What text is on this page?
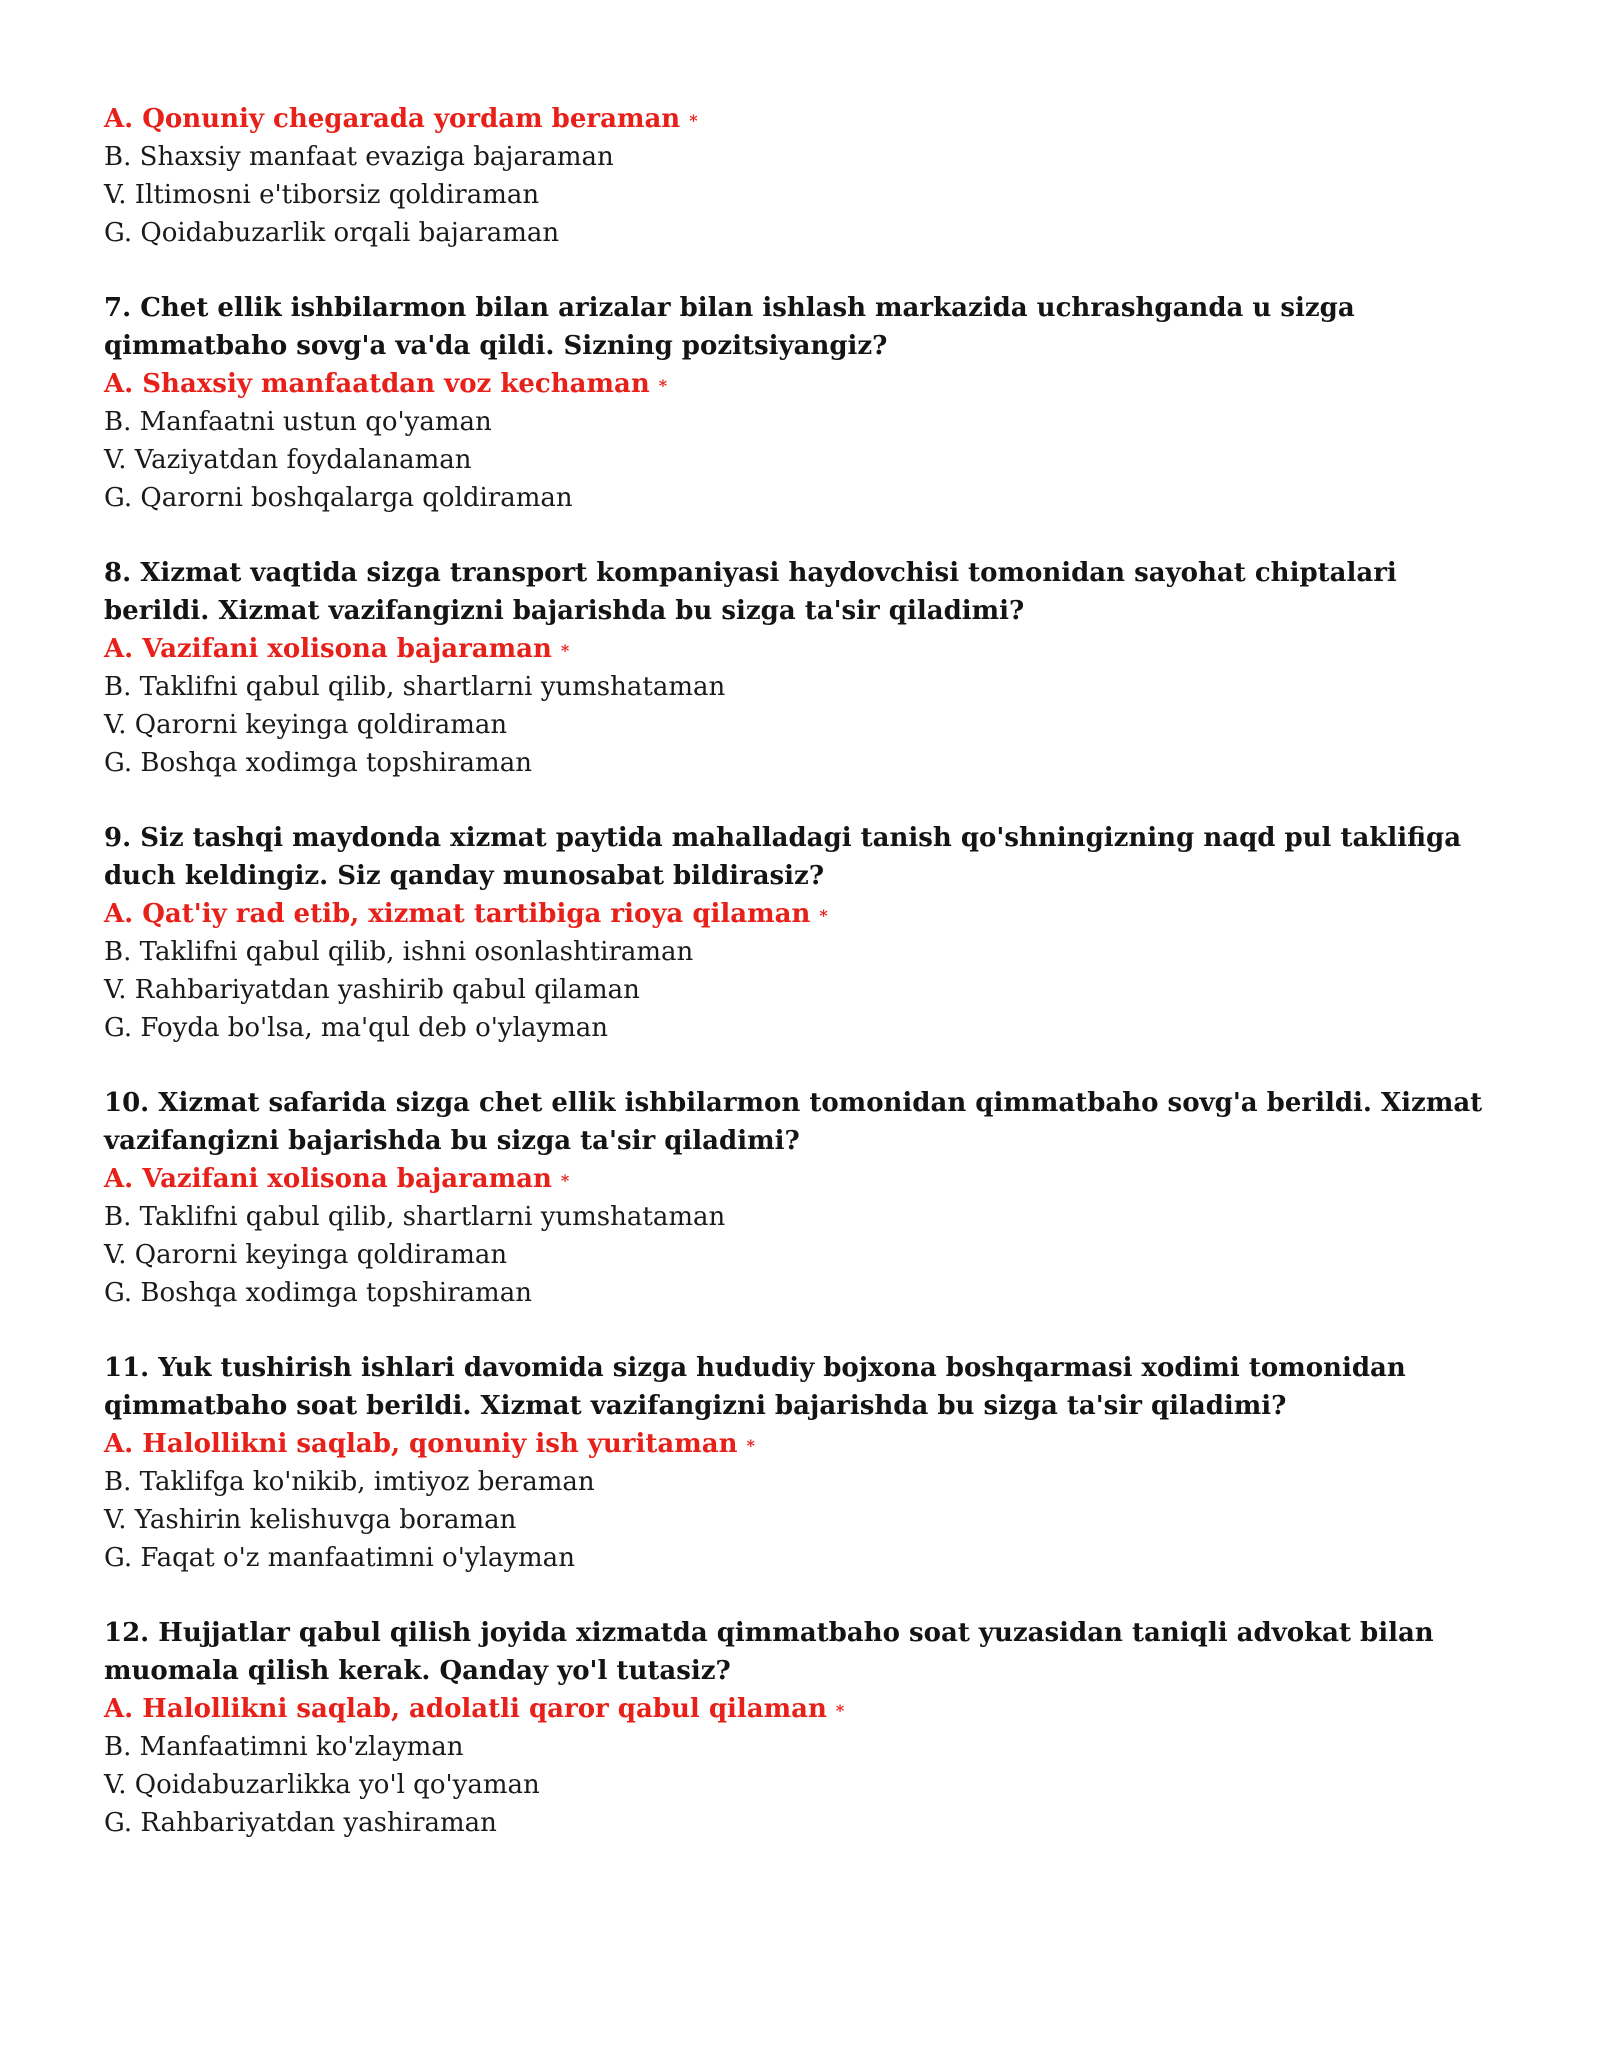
A. Qonuniy chegarada yordam beraman *

B. Shaxsiy manfaat evaziga bajaraman

V. Iltimosni e'tiborsiz qoldiraman

G. Qoidabuzarlik orqali bajaraman

7. Chet ellik ishbilarmon bilan arizalar bilan ishlash markazida uchrashganda u sizga qimmatbaho sovg'a va'da qildi. Sizning pozitsiyangiz?

A. Shaxsiy manfaatdan voz kechaman *

B. Manfaatni ustun qo'yaman

V. Vaziyatdan foydalanaman

G. Qarorni boshqalarga qoldiraman

8. Xizmat vaqtida sizga transport kompaniyasi haydovchisi tomonidan sayohat chiptalari berildi. Xizmat vazifangizni bajarishda bu sizga ta'sir qiladimi?

A. Vazifani xolisona bajaraman *

B. Taklifni qabul qilib, shartlarni yumshataman

V. Qarorni keyinga qoldiraman

G. Boshqa xodimga topshiraman

9. Siz tashqi maydonda xizmat paytida mahalladagi tanish qo'shningizning naqd pul taklifiga duch keldingiz. Siz qanday munosabat bildirasiz?

A. Qat'iy rad etib, xizmat tartibiga rioya qilaman *

B. Taklifni qabul qilib, ishni osonlashtiraman

V. Rahbariyatdan yashirib qabul qilaman

G. Foyda bo'lsa, ma'qul deb o'ylayman

10. Xizmat safarida sizga chet ellik ishbilarmon tomonidan qimmatbaho sovg'a berildi. Xizmat vazifangizni bajarishda bu sizga ta'sir qiladimi?

A. Vazifani xolisona bajaraman *

B. Taklifni qabul qilib, shartlarni yumshataman

V. Qarorni keyinga qoldiraman

G. Boshqa xodimga topshiraman

11. Yuk tushirish ishlari davomida sizga hududiy bojxona boshqarmasi xodimi tomonidan qimmatbaho soat berildi. Xizmat vazifangizni bajarishda bu sizga ta'sir qiladimi?

A. Halollikni saqlab, qonuniy ish yuritaman *

B. Taklifga ko'nikib, imtiyoz beraman

V. Yashirin kelishuvga boraman

G. Faqat o'z manfaatimni o'ylayman

12. Hujjatlar qabul qilish joyida xizmatda qimmatbaho soat yuzasidan taniqli advokat bilan muomala qilish kerak. Qanday yo'l tutasiz?

A. Halollikni saqlab, adolatli qaror qabul qilaman *

B. Manfaatimni ko'zlayman

V. Qoidabuzarlikka yo'l qo'yaman

G. Rahbariyatdan yashiraman
